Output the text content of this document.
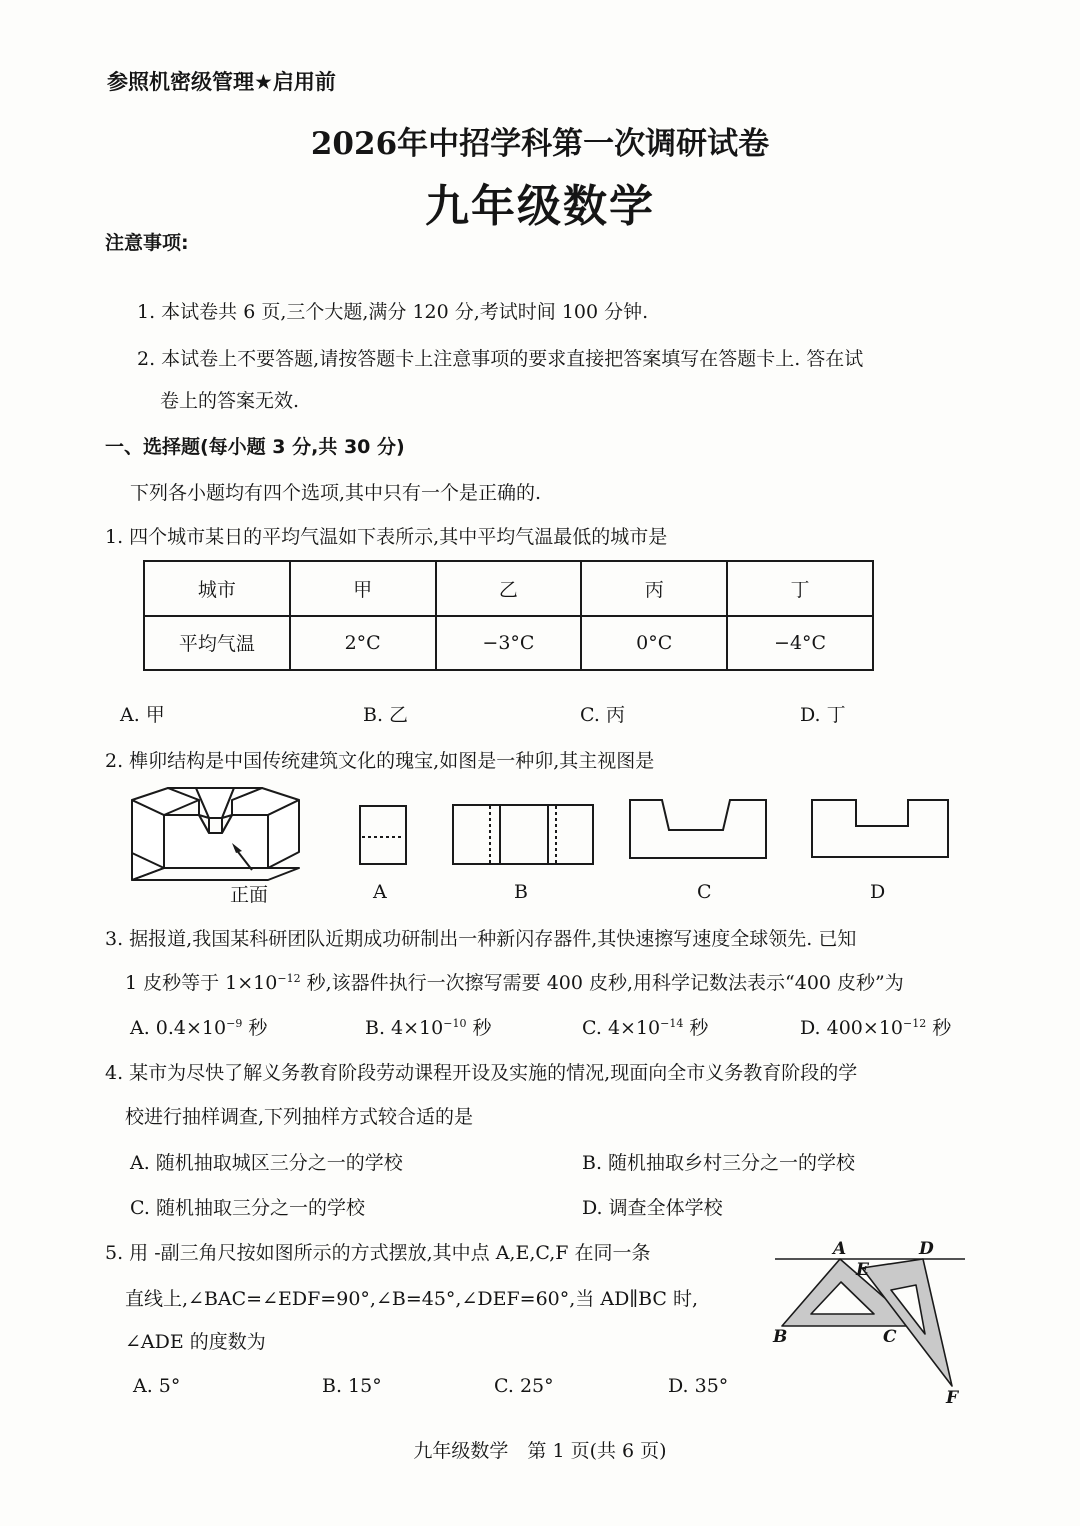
参照机密级管理★启用前
2026年中招学科第一次调研试卷
九年级数学
注意事项:
1. 本试卷共 6 页,三个大题,满分 120 分,考试时间 100 分钟.
2. 本试卷上不要答题,请按答题卡上注意事项的要求直接把答案填写在答题卡上. 答在试
卷上的答案无效.
一、选择题(每小题 3 分,共 30 分)
下列各小题均有四个选项,其中只有一个是正确的.
1. 四个城市某日的平均气温如下表所示,其中平均气温最低的城市是
城市	甲	乙	丙	丁
平均气温	2°C	−3°C	0°C	−4°C
A. 甲	B. 乙	C. 丙	D. 丁
2. 榫卯结构是中国传统建筑文化的瑰宝,如图是一种卯,其主视图是
A	D
E
B	C
F
正面	A	B	C	D
3. 据报道,我国某科研团队近期成功研制出一种新闪存器件,其快速擦写速度全球领先. 已知
1 皮秒等于 $1\times 10^{-12}$ 秒,该器件执行一次擦写需要 400 皮秒,用科学记数法表示“400 皮秒”为
A. $0.4\times 10^{-9}$ 秒	B. $4\times 10^{-10}$ 秒	C. $4\times 10^{-14}$ 秒	D. $400\times 10^{-12}$ 秒
4. 某市为尽快了解义务教育阶段劳动课程开设及实施的情况,现面向全市义务教育阶段的学
校进行抽样调查,下列抽样方式较合适的是
A. 随机抽取城区三分之一的学校	B. 随机抽取乡村三分之一的学校
C. 随机抽取三分之一的学校	D. 调查全体学校
5. 用 -副三角尺按如图所示的方式摆放,其中点 A,E,C,F 在同一条
直线上,∠BAC=∠EDF=90°,∠B=45°,∠DEF=60°,当 AD∥BC 时,
∠ADE 的度数为
A. 5°	B. 15°	C. 25°	D. 35°
九年级数学　第 1 页(共 6 页)
